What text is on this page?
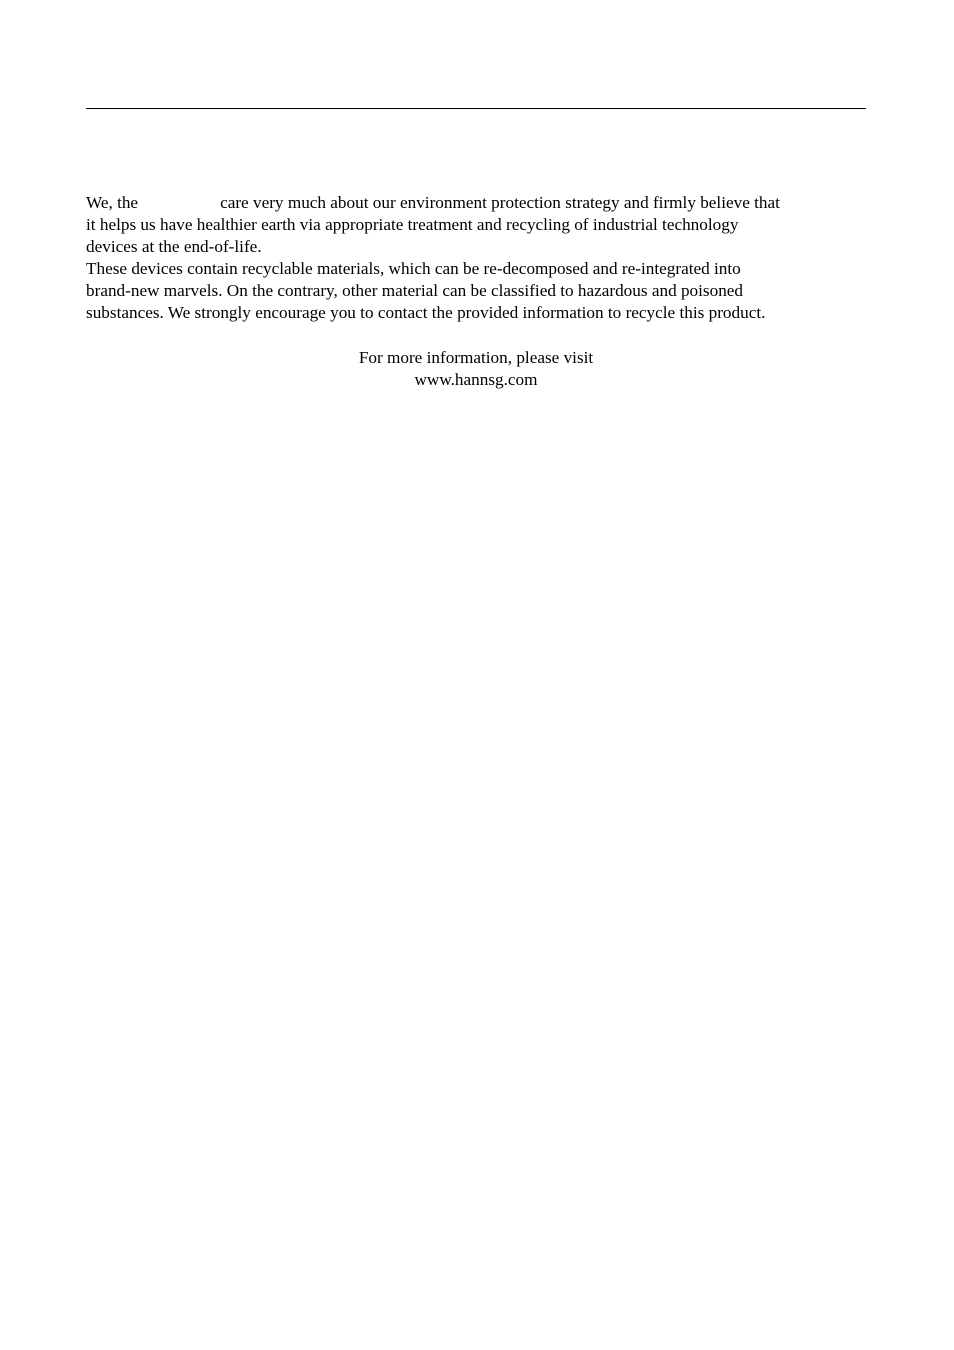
We, the	care very much about our environment protection strategy and firmly believe that
it helps us have healthier earth via appropriate treatment and recycling of industrial technology
devices at the end-of-life.
These devices contain recyclable materials, which can be re-decomposed and re-integrated into
brand-new marvels. On the contrary, other material can be classified to hazardous and poisoned
substances. We strongly encourage you to contact the provided information to recycle this product.
For more information, please visit
www.hannsg.com
